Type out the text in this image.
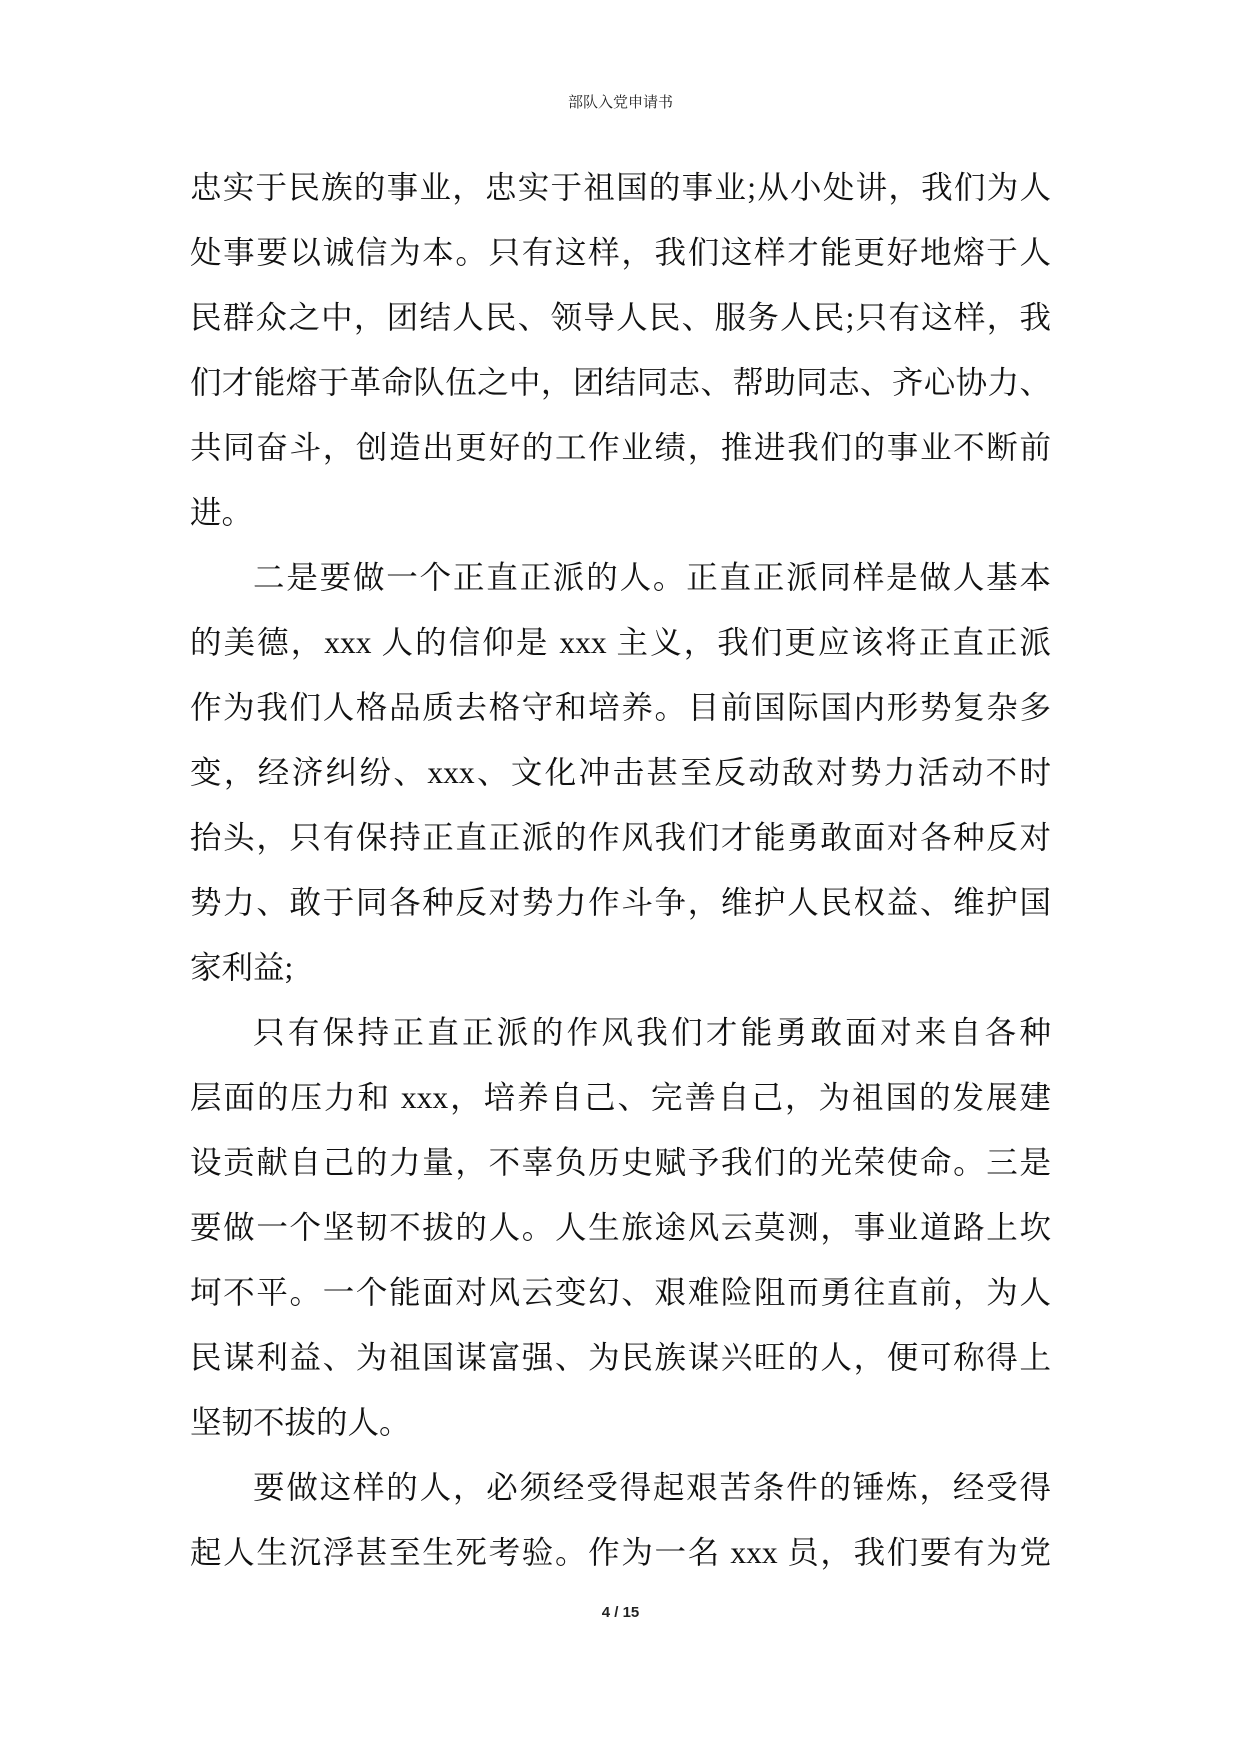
部队入党申请书
忠实于民族的事业，忠实于祖国的事业;从小处讲，我们为人
处事要以诚信为本。只有这样，我们这样才能更好地熔于人
民群众之中，团结人民、领导人民、服务人民;只有这样，我
们才能熔于革命队伍之中，团结同志、帮助同志、齐心协力、
共同奋斗，创造出更好的工作业绩，推进我们的事业不断前
进。
二是要做一个正直正派的人。正直正派同样是做人基本
的美德，xxx 人的信仰是 xxx 主义，我们更应该将正直正派
作为我们人格品质去格守和培养。目前国际国内形势复杂多
变，经济纠纷、xxx、文化冲击甚至反动敌对势力活动不时
抬头，只有保持正直正派的作风我们才能勇敢面对各种反对
势力、敢于同各种反对势力作斗争，维护人民权益、维护国
家利益;
只有保持正直正派的作风我们才能勇敢面对来自各种
层面的压力和 xxx，培养自己、完善自己，为祖国的发展建
设贡献自己的力量，不辜负历史赋予我们的光荣使命。三是
要做一个坚韧不拔的人。人生旅途风云莫测，事业道路上坎
坷不平。一个能面对风云变幻、艰难险阻而勇往直前，为人
民谋利益、为祖国谋富强、为民族谋兴旺的人，便可称得上
坚韧不拔的人。
要做这样的人，必须经受得起艰苦条件的锤炼，经受得
起人生沉浮甚至生死考验。作为一名 xxx 员，我们要有为党
4 / 15
